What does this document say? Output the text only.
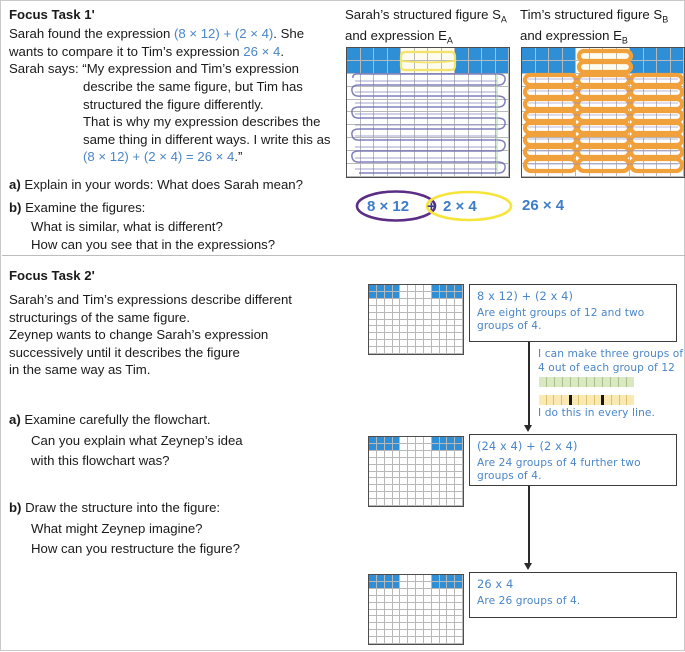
Focus Task 1'
Sarah found the expression (8 × 12) + (2 × 4). She
wants to compare it to Tim’s expression 26 × 4.
Sarah says: “My expression and Tim’s expression
describe the same figure, but Tim has
structured the figure differently.
That is why my expression describes the
same thing in different ways. I write this as
(8 × 12) + (2 × 4) = 26 × 4.”
a) Explain in your words: What does Sarah mean?
b) Examine the figures:
What is similar, what is different?
How can you see that in the expressions?
Sarah’s structured figure $S_A$
and expression $E_A$
Tim’s structured figure $S_B$
and expression $E_B$
8 × 12 + 2 × 4	26 × 4
Focus Task 2'
Sarah’s and Tim’s expressions describe different
structurings of the same figure.
Zeynep wants to change Sarah’s expression
successively until it describes the figure
in the same way as Tim.
a) Examine carefully the flowchart.
Can you explain what Zeynep’s idea
with this flowchart was?
b) Draw the structure into the figure:
What might Zeynep imagine?
How can you restructure the figure?
8 x 12) + (2 x 4)
Are eight groups of 12 and two groups of 4.
I can make three groups of
4 out of each group of 12
I do this in every line.
(24 x 4) + (2 x 4)
Are 24 groups of 4 further two groups of 4.
26 x 4
Are 26 groups of 4.
